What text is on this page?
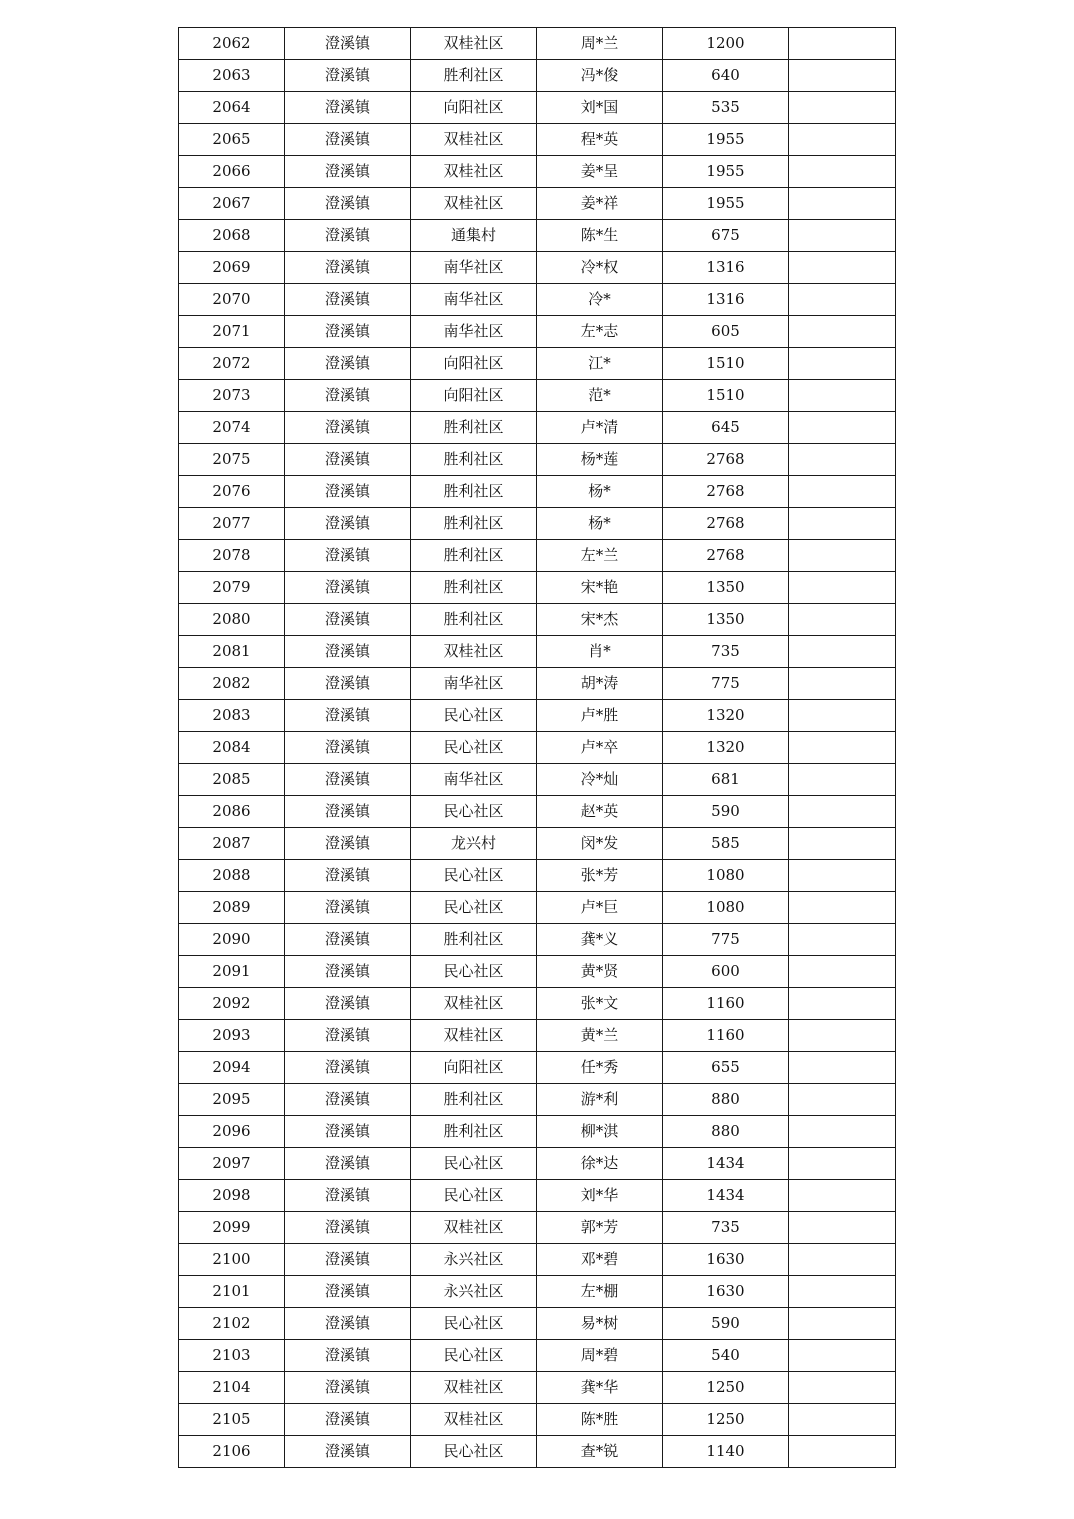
2062	澄溪镇	双桂社区	周*兰	1200	
2063	澄溪镇	胜利社区	冯*俊	640	
2064	澄溪镇	向阳社区	刘*国	535	
2065	澄溪镇	双桂社区	程*英	1955	
2066	澄溪镇	双桂社区	姜*呈	1955	
2067	澄溪镇	双桂社区	姜*祥	1955	
2068	澄溪镇	通集村	陈*生	675	
2069	澄溪镇	南华社区	冷*权	1316	
2070	澄溪镇	南华社区	冷*	1316	
2071	澄溪镇	南华社区	左*志	605	
2072	澄溪镇	向阳社区	江*	1510	
2073	澄溪镇	向阳社区	范*	1510	
2074	澄溪镇	胜利社区	卢*清	645	
2075	澄溪镇	胜利社区	杨*莲	2768	
2076	澄溪镇	胜利社区	杨*	2768	
2077	澄溪镇	胜利社区	杨*	2768	
2078	澄溪镇	胜利社区	左*兰	2768	
2079	澄溪镇	胜利社区	宋*艳	1350	
2080	澄溪镇	胜利社区	宋*杰	1350	
2081	澄溪镇	双桂社区	肖*	735	
2082	澄溪镇	南华社区	胡*涛	775	
2083	澄溪镇	民心社区	卢*胜	1320	
2084	澄溪镇	民心社区	卢*卒	1320	
2085	澄溪镇	南华社区	冷*灿	681	
2086	澄溪镇	民心社区	赵*英	590	
2087	澄溪镇	龙兴村	闵*发	585	
2088	澄溪镇	民心社区	张*芳	1080	
2089	澄溪镇	民心社区	卢*巨	1080	
2090	澄溪镇	胜利社区	龚*义	775	
2091	澄溪镇	民心社区	黄*贤	600	
2092	澄溪镇	双桂社区	张*文	1160	
2093	澄溪镇	双桂社区	黄*兰	1160	
2094	澄溪镇	向阳社区	任*秀	655	
2095	澄溪镇	胜利社区	游*利	880	
2096	澄溪镇	胜利社区	柳*淇	880	
2097	澄溪镇	民心社区	徐*达	1434	
2098	澄溪镇	民心社区	刘*华	1434	
2099	澄溪镇	双桂社区	郭*芳	735	
2100	澄溪镇	永兴社区	邓*碧	1630	
2101	澄溪镇	永兴社区	左*棚	1630	
2102	澄溪镇	民心社区	易*树	590	
2103	澄溪镇	民心社区	周*碧	540	
2104	澄溪镇	双桂社区	龚*华	1250	
2105	澄溪镇	双桂社区	陈*胜	1250	
2106	澄溪镇	民心社区	查*锐	1140	
